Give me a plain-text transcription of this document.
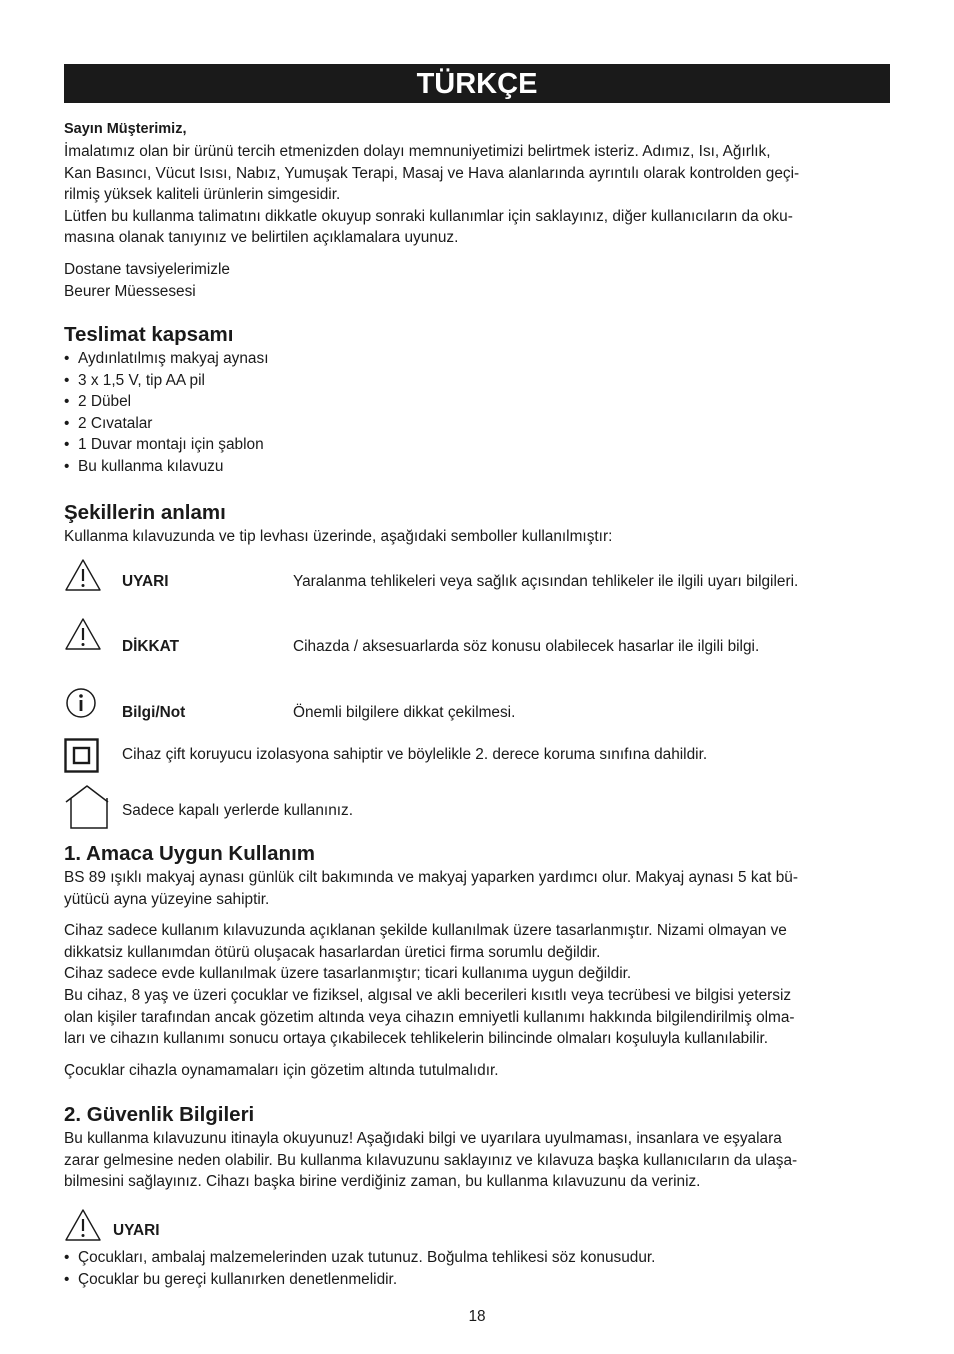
TÜRKÇE
Sayın Müşterimiz,
İmalatımız olan bir ürünü tercih etmenizden dolayı memnuniyetimizi belirtmek isteriz. Adımız, Isı, Ağırlık,
Kan Basıncı, Vücut Isısı, Nabız, Yumuşak Terapi, Masaj ve Hava alanlarında ayrıntılı olarak kontrolden geçi-
rilmiş yüksek kaliteli ürünlerin simgesidir.
Lütfen bu kullanma talimatını dikkatle okuyup sonraki kullanımlar için saklayınız, diğer kullanıcıların da oku-
masına olanak tanıyınız ve belirtilen açıklamalara uyunuz.
Dostane tavsiyelerimizle
Beurer Müessesesi
Teslimat kapsamı
• Aydınlatılmış makyaj aynası
• 3 x 1,5 V, tip AA pil
• 2 Dübel
• 2 Cıvatalar
• 1 Duvar montajı için şablon
• Bu kullanma kılavuzu
Şekillerin anlamı
Kullanma kılavuzunda ve tip levhası üzerinde, aşağıdaki semboller kullanılmıştır:
UYARI	Yaralanma tehlikeleri veya sağlık açısından tehlikeler ile ilgili uyarı bilgileri.
DİKKAT	Cihazda / aksesuarlarda söz konusu olabilecek hasarlar ile ilgili bilgi.
Bilgi/Not	Önemli bilgilere dikkat çekilmesi.
Cihaz çift koruyucu izolasyona sahiptir ve böylelikle 2. derece koruma sınıfına dahildir.
Sadece kapalı yerlerde kullanınız.
1. Amaca Uygun Kullanım
BS 89 ışıklı makyaj aynası günlük cilt bakımında ve makyaj yaparken yardımcı olur. Makyaj aynası 5 kat bü-
yütücü ayna yüzeyine sahiptir.
Cihaz sadece kullanım kılavuzunda açıklanan şekilde kullanılmak üzere tasarlanmıştır. Nizami olmayan ve
dikkatsiz kullanımdan ötürü oluşacak hasarlardan üretici firma sorumlu değildir.
Cihaz sadece evde kullanılmak üzere tasarlanmıştır; ticari kullanıma uygun değildir.
Bu cihaz, 8 yaş ve üzeri çocuklar ve fiziksel, algısal ve akli becerileri kısıtlı veya tecrübesi ve bilgisi yetersiz
olan kişiler tarafından ancak gözetim altında veya cihazın emniyetli kullanımı hakkında bilgilendirilmiş olma-
ları ve cihazın kullanımı sonucu ortaya çıkabilecek tehlikelerin bilincinde olmaları koşuluyla kullanılabilir.
Çocuklar cihazla oynamamaları için gözetim altında tutulmalıdır.
2. Güvenlik Bilgileri
Bu kullanma kılavuzunu itinayla okuyunuz! Aşağıdaki bilgi ve uyarılara uyulmaması, insanlara ve eşyalara
zarar gelmesine neden olabilir. Bu kullanma kılavuzunu saklayınız ve kılavuza başka kullanıcıların da ulaşa-
bilmesini sağlayınız. Cihazı başka birine verdiğiniz zaman, bu kullanma kılavuzunu da veriniz.
UYARI
• Çocukları, ambalaj malzemelerinden uzak tutunuz. Boğulma tehlikesi söz konusudur.
• Çocuklar bu gereçi kullanırken denetlenmelidir.
18
